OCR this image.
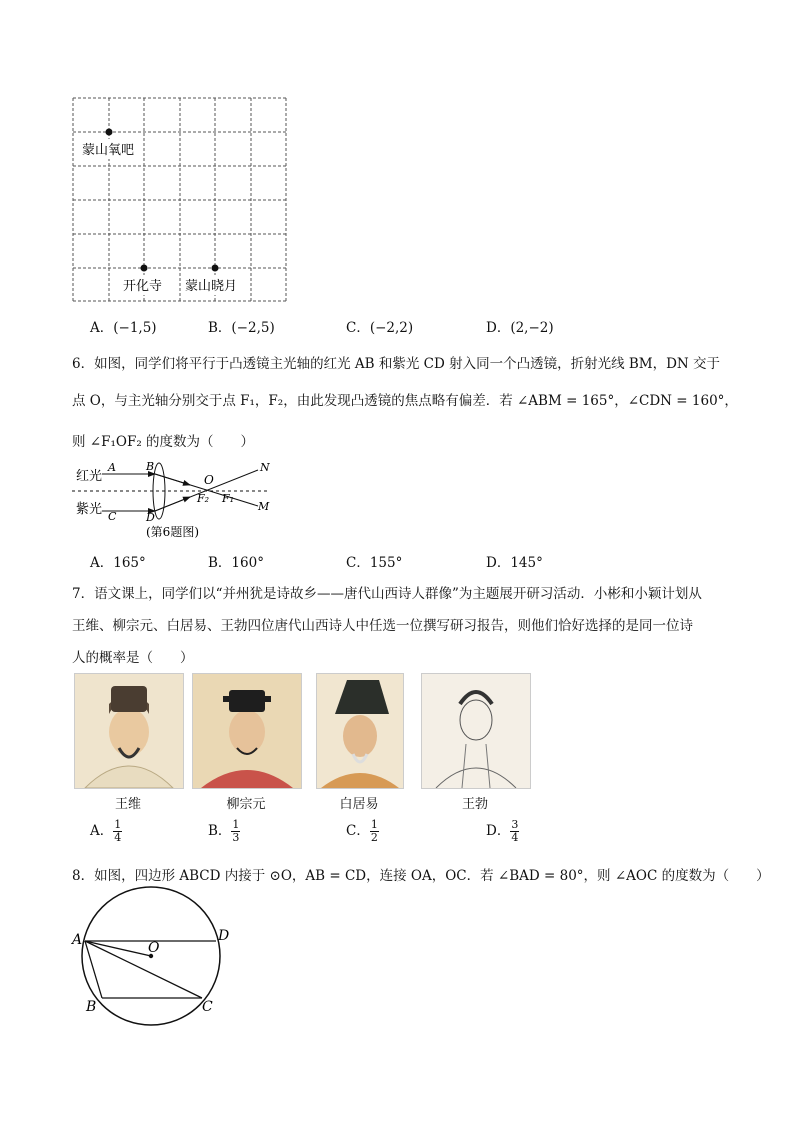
蒙山氧吧
开化寺 蒙山晓月
A．(−1,5)	B．(−2,5)	C．(−2,2)	D．(2,−2)
6．如图，同学们将平行于凸透镜主光轴的红光 AB 和紫光 CD 射入同一个凸透镜，折射光线 BM，DN 交于
点 O，与主光轴分别交于点 F₁，F₂，由此发现凸透镜的焦点略有偏差．若 ∠ABM = 165°，∠CDN = 160°，
则 ∠F₁OF₂ 的度数为（　　）
红光
紫光
A
C
B
D
O
N
M
F₂ F₁
(第6题图)
A．165°	B．160°	C．155°	D．145°
7．语文课上，同学们以“并州犹是诗故乡——唐代山西诗人群像”为主题展开研习活动．小彬和小颖计划从
王维、柳宗元、白居易、王勃四位唐代山西诗人中任选一位撰写研习报告，则他们恰好选择的是同一位诗
人的概率是（　　）
王维	柳宗元	白居易	王勃
A． $\frac{1}{4}$	B． $\frac{1}{3}$	C． $\frac{1}{2}$	D． $\frac{3}{4}$
8．如图，四边形 ABCD 内接于 ⊙O，AB = CD，连接 OA，OC．若 ∠BAD = 80°，则 ∠AOC 的度数为（　　）
A	D
O
B	C
